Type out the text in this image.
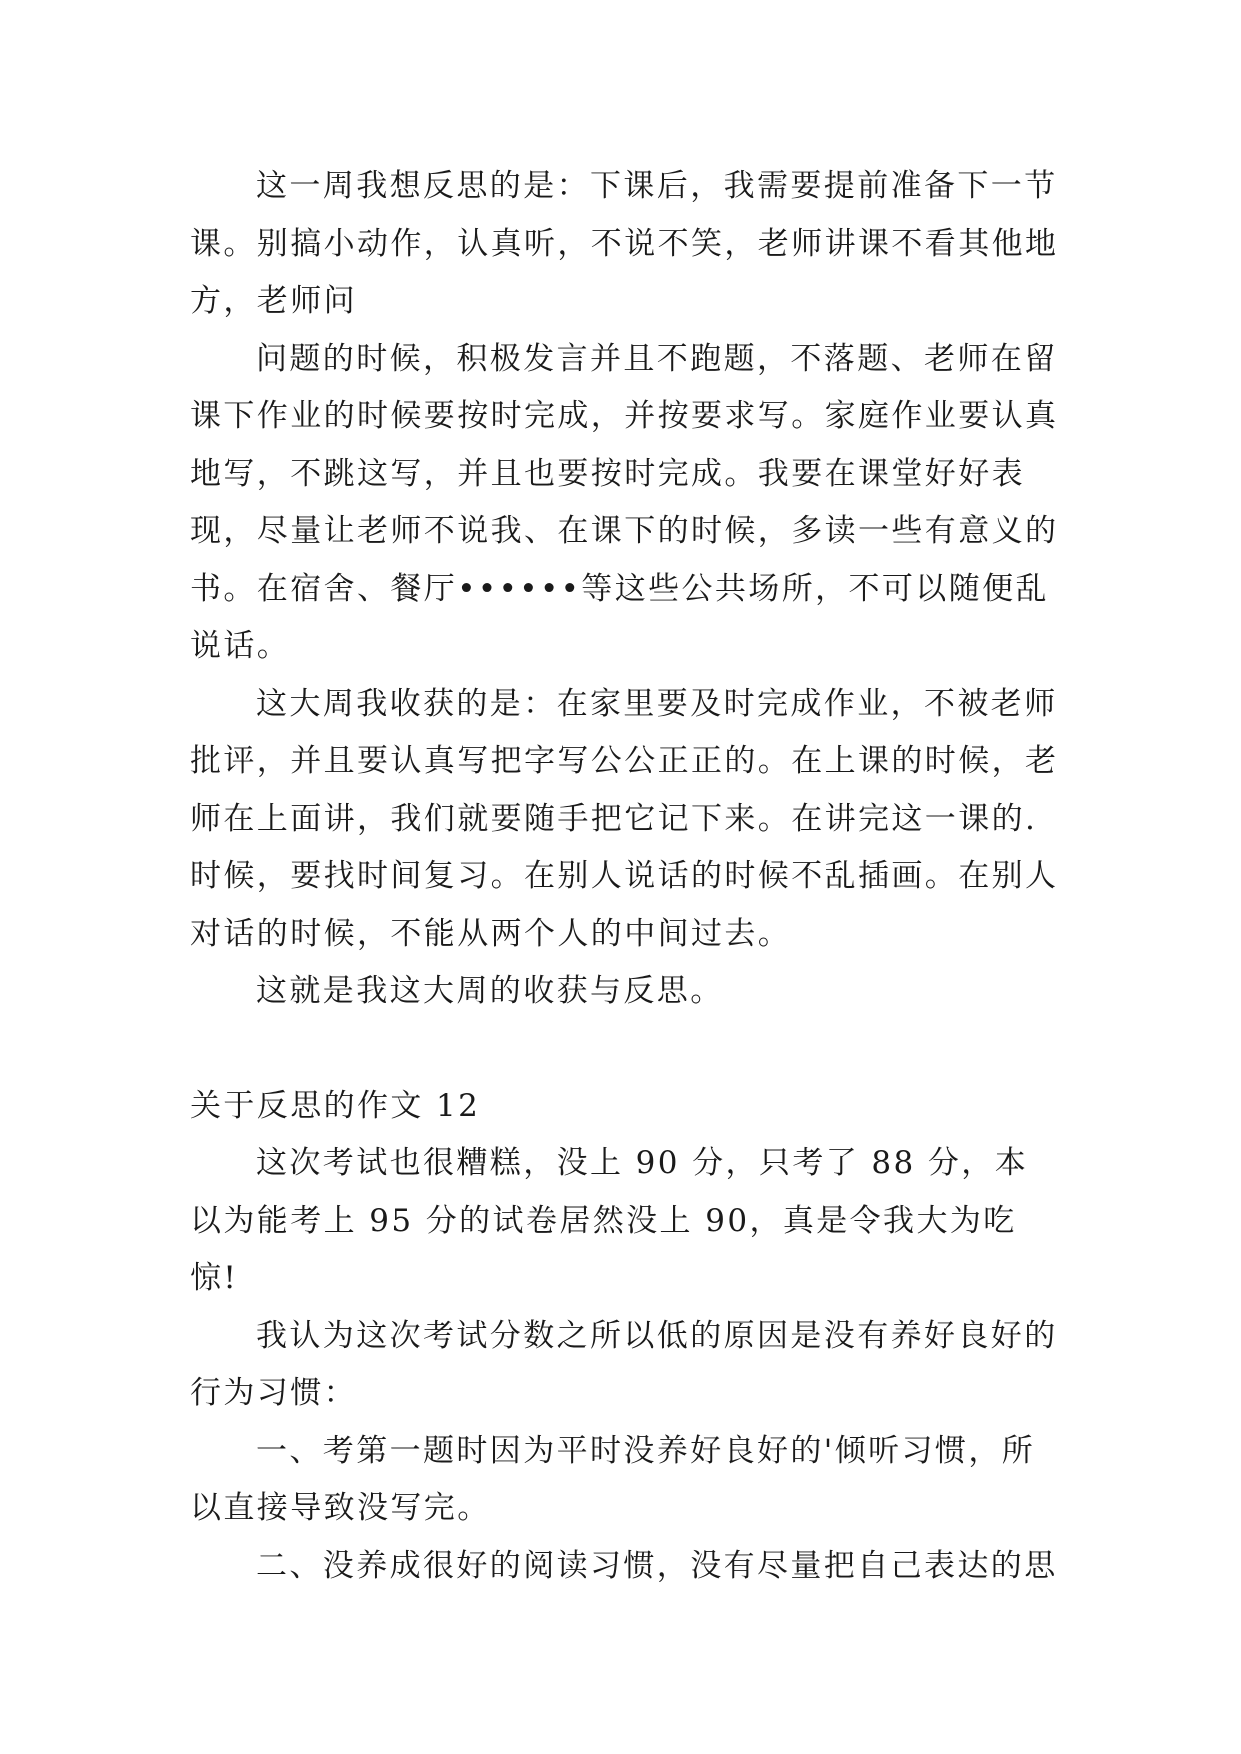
这一周我想反思的是：下课后，我需要提前准备下一节课。别搞小动作，认真听，不说不笑，老师讲课不看其他地方，老师问

问题的时候，积极发言并且不跑题，不落题、老师在留课下作业的时候要按时完成，并按要求写。家庭作业要认真地写，不跳这写，并且也要按时完成。我要在课堂好好表现，尽量让老师不说我、在课下的时候，多读一些有意义的书。在宿舍、餐厅••••••等这些公共场所，不可以随便乱说话。

这大周我收获的是：在家里要及时完成作业，不被老师批评，并且要认真写把字写公公正正的。在上课的时候，老师在上面讲，我们就要随手把它记下来。在讲完这一课的.时候，要找时间复习。在别人说话的时候不乱插画。在别人对话的时候，不能从两个人的中间过去。

这就是我这大周的收获与反思。

关于反思的作文 12

这次考试也很糟糕，没上 90 分，只考了 88 分，本以为能考上 95 分的试卷居然没上 90，真是令我大为吃惊!

我认为这次考试分数之所以低的原因是没有养好良好的行为习惯：

一、考第一题时因为平时没养好良好的'倾听习惯，所以直接导致没写完。

二、没养成很好的阅读习惯，没有尽量把自己表达的思
